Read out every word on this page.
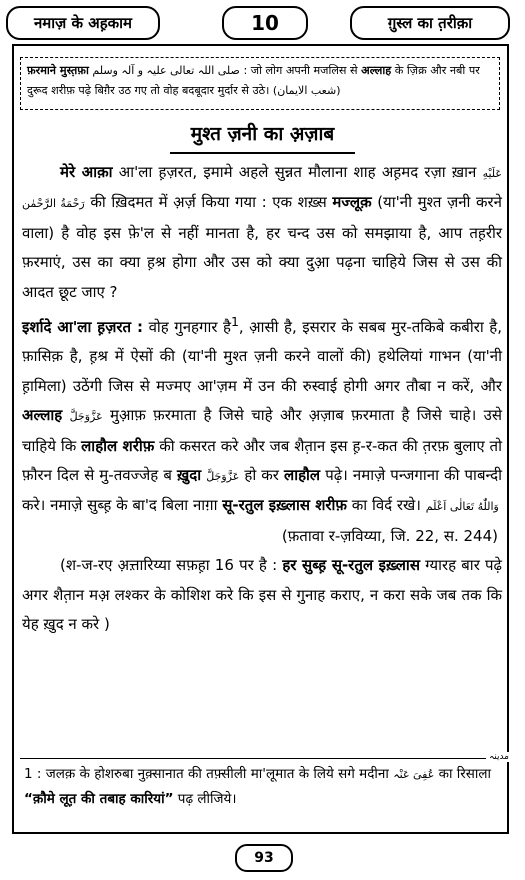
नमाज़ के अह़काम	10	ग़ुस्ल का त़रीक़ा
फ़रमाने मुस्त़फ़ा صلی اللہ تعالی علیہ و آلہ وسلم : जो लोग अपनी मजलिस से अल्लाह के ज़िक्र और नबी पर दुरूद शरीफ़ पढ़े बिग़ैर उठ गए तो वोह बदबूदार मुर्दार से उठे। (شعب الایمان)
मुश्त ज़नी का अ़ज़ाब

मेरे आक़ा आ'ला ह़ज़रत, इमामे अहले सुन्नत मौलाना शाह अह़मद रज़ा ख़ान عَلَيْهِ رَحْمَةُ الرَّحْمٰن की ख़िदमत में अ़र्ज़ किया गया : एक शख़्स मज्लूक़ (या'नी मुश्त ज़नी करने वाला) है वोह इस फ़े'ल से नहीं मानता है, हर चन्द उस को समझाया है, आप तह़रीर फ़रमाएं, उस का क्या ह़श्र होगा और उस को क्या दुआ़ पढ़ना चाहिये जिस से उस की आदत छूट जाए ?

इर्शादे आ'ला ह़ज़रत : वोह गुनहगार है$^1$, आ़सी है, इसरार के सबब मुर-तकिबे कबीरा है, फ़ासिक़ है, ह़श्र में ऐसों की (या'नी मुश्त ज़नी करने वालों की) हथेलियां गाभन (या'नी ह़ामिला) उठेंगी जिस से मज्मए आ'ज़म में उन की रुस्वाई होगी अगर तौबा न करें, और अल्लाह عَزَّوَجَلَّ मुआ़फ़ फ़रमाता है जिसे चाहे और अ़ज़ाब फ़रमाता है जिसे चाहे। उसे चाहिये कि लाहौल शरीफ़ की कसरत करे और जब शैत़ान इस ह़-र-कत की त़रफ़ बुलाए तो फ़ौरन दिल से मु-तवज्जेह ब ख़ुदा عَزَّوَجَلَّ हो कर लाहौल पढ़े। नमाज़े पन्जगाना की पाबन्दी करे। नमाज़े सुब्ह़ के बा'द बिला नाग़ा सू-रतुल इख़्लास शरीफ़ का विर्द रखे। وَاللّٰهُ تَعَالٰى اَعْلَم

(फ़तावा र-ज़विय्या, जि. 22, स. 244)

(श-ज-रए अ़त्त़ारिय्या सफ़ह़ा 16 पर है : हर सुब्ह़ सू-रतुल इख़्लास ग्यारह बार पढ़े अगर शैत़ान मअ़ लश्कर के कोशिश करे कि इस से गुनाह कराए, न करा सके जब तक कि येह ख़ुद न करे )

مدینہ
1 : जलक़ के होशरुबा नुक़्सानात की तफ़्सीली मा'लूमात के लिये सगे मदीना عُفِیَ عَنْہ का रिसाला “क़ौमे लूत़ की तबाह कारियां” पढ़ लीजिये।
93
